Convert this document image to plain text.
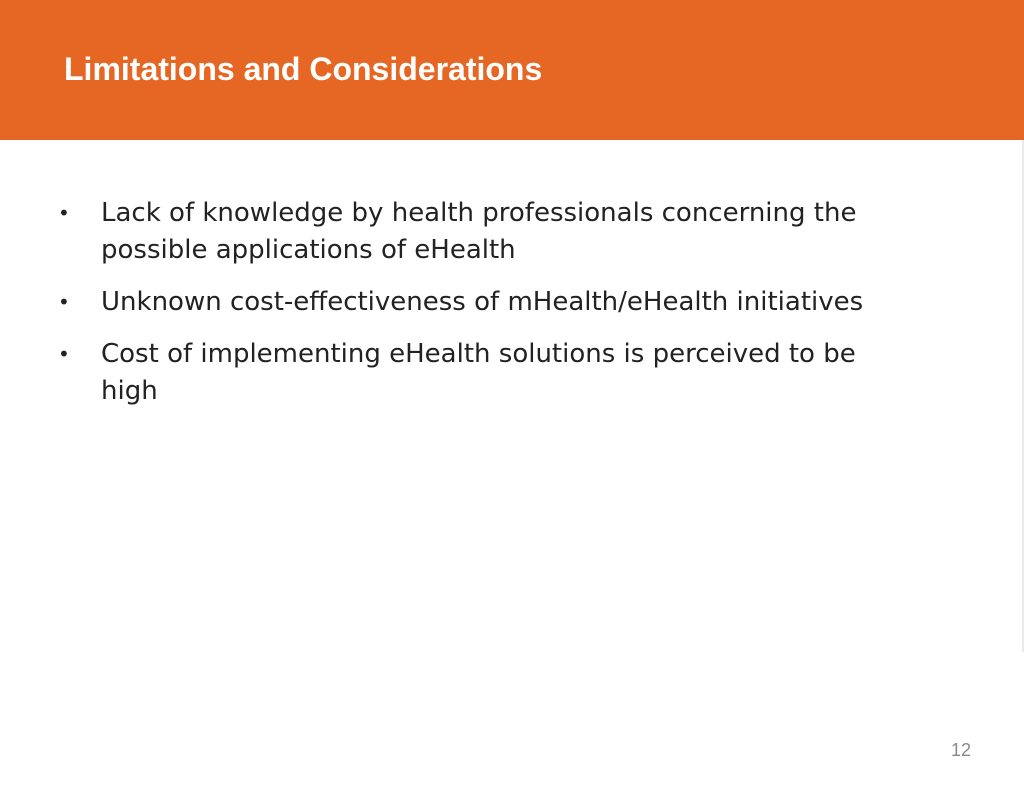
Limitations and Considerations
•	Lack of knowledge by health professionals concerning the possible applications of eHealth
•	Unknown cost-effectiveness of mHealth/eHealth initiatives
•	Cost of implementing eHealth solutions is perceived to be high
12
